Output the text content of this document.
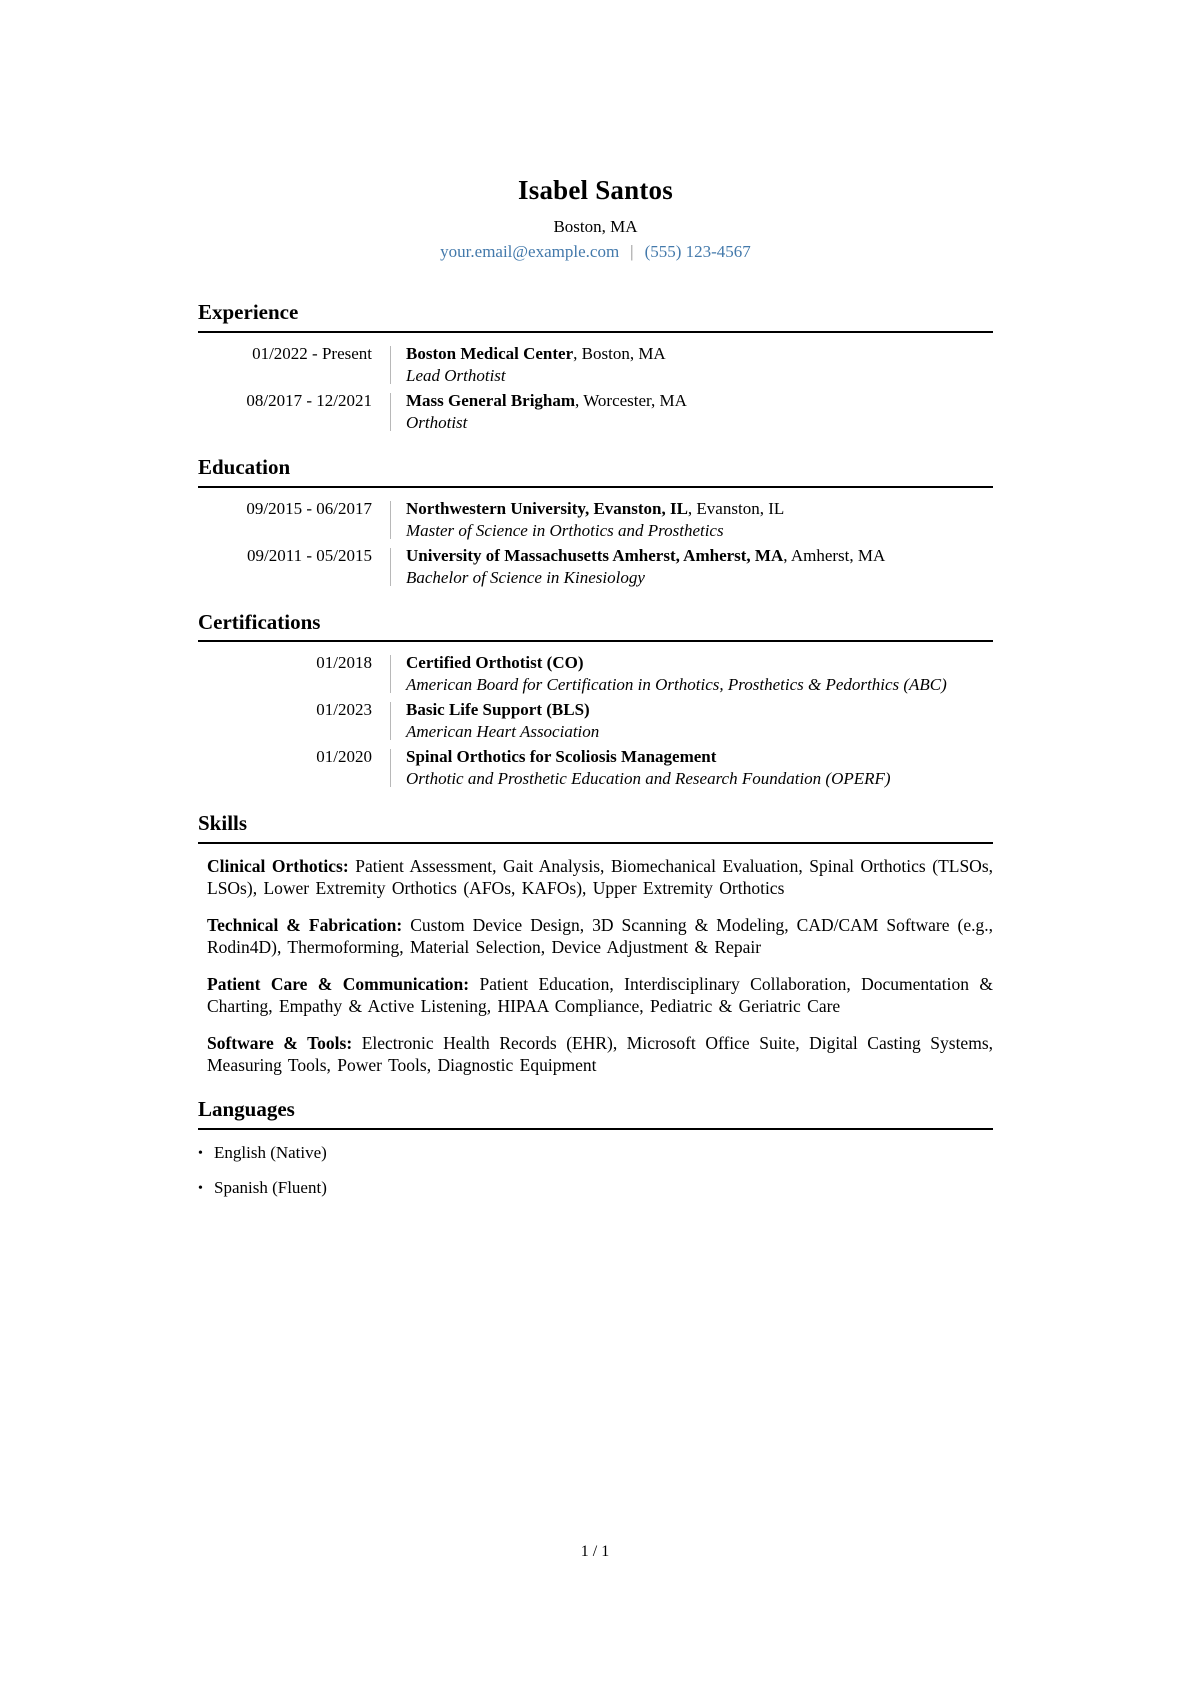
Isabel Santos
Boston, MA
your.email@example.com | (555) 123-4567
Experience
01/2022 - Present Boston Medical Center, Boston, MA
Lead Orthotist
08/2017 - 12/2021 Mass General Brigham, Worcester, MA
Orthotist
Education
09/2015 - 06/2017 Northwestern University, Evanston, IL, Evanston, IL
Master of Science in Orthotics and Prosthetics
09/2011 - 05/2015 University of Massachusetts Amherst, Amherst, MA, Amherst, MA
Bachelor of Science in Kinesiology
Certifications
01/2018 Certified Orthotist (CO)
American Board for Certification in Orthotics, Prosthetics & Pedorthics (ABC)
01/2023 Basic Life Support (BLS)
American Heart Association
01/2020 Spinal Orthotics for Scoliosis Management
Orthotic and Prosthetic Education and Research Foundation (OPERF)
Skills

Clinical Orthotics: Patient Assessment, Gait Analysis, Biomechanical Evaluation, Spinal Orthotics (TLSOs, LSOs), Lower Extremity Orthotics (AFOs, KAFOs), Upper Extremity Orthotics

Technical & Fabrication: Custom Device Design, 3D Scanning & Modeling, CAD/CAM Software (e.g., Rodin4D), Thermoforming, Material Selection, Device Adjustment & Repair

Patient Care & Communication: Patient Education, Interdisciplinary Collaboration, Documentation & Charting, Empathy & Active Listening, HIPAA Compliance, Pediatric & Geriatric Care

Software & Tools: Electronic Health Records (EHR), Microsoft Office Suite, Digital Casting Systems, Measuring Tools, Power Tools, Diagnostic Equipment

Languages
• English (Native)
• Spanish (Fluent)
1 / 1
